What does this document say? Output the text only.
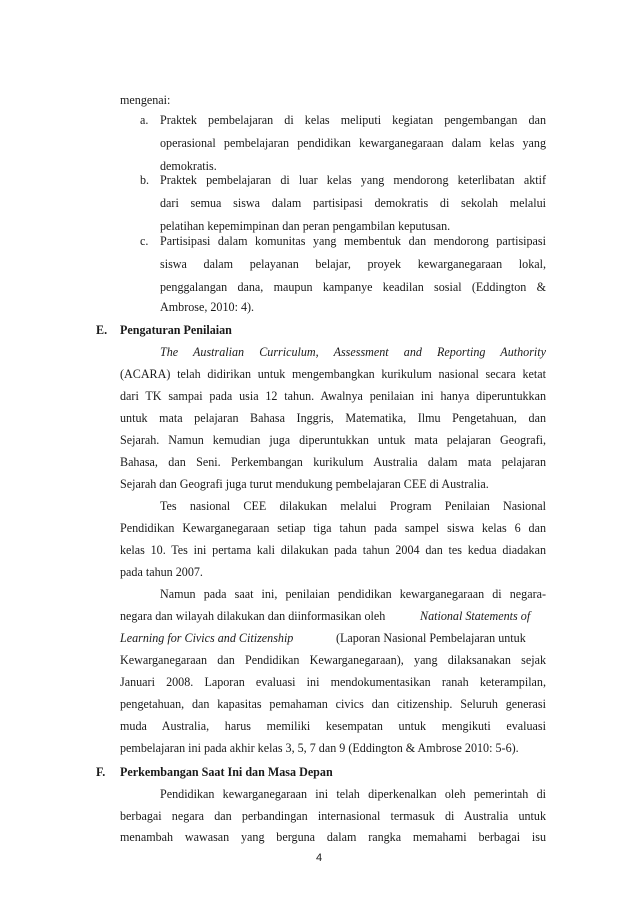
mengenai:
a. Praktek pembelajaran di kelas meliputi kegiatan pengembangan dan
operasional pembelajaran pendidikan kewarganegaraan dalam kelas yang
demokratis.
b. Praktek pembelajaran di luar kelas yang mendorong keterlibatan aktif
dari semua siswa dalam partisipasi demokratis di sekolah melalui
pelatihan kepemimpinan dan peran pengambilan keputusan.
c. Partisipasi dalam komunitas yang membentuk dan mendorong partisipasi
siswa dalam pelayanan belajar, proyek kewarganegaraan lokal,
penggalangan dana, maupun kampanye keadilan sosial (Eddington &
Ambrose, 2010: 4).
E. Pengaturan Penilaian
The Australian Curriculum, Assessment and Reporting Authority
(ACARA) telah didirikan untuk mengembangkan kurikulum nasional secara ketat
dari TK sampai pada usia 12 tahun. Awalnya penilaian ini hanya diperuntukkan
untuk mata pelajaran Bahasa Inggris, Matematika, Ilmu Pengetahuan, dan
Sejarah. Namun kemudian juga diperuntukkan untuk mata pelajaran Geografi,
Bahasa, dan Seni. Perkembangan kurikulum Australia dalam mata pelajaran
Sejarah dan Geografi juga turut mendukung pembelajaran CEE di Australia.
Tes nasional CEE dilakukan melalui Program Penilaian Nasional
Pendidikan Kewarganegaraan setiap tiga tahun pada sampel siswa kelas 6 dan
kelas 10. Tes ini pertama kali dilakukan pada tahun 2004 dan tes kedua diadakan
pada tahun 2007.
Namun pada saat ini, penilaian pendidikan kewarganegaraan di negara-
negara dan wilayah dilakukan dan diinformasikan oleh	National Statements of
Learning for Civics and Citizenship	(Laporan Nasional Pembelajaran untuk
Kewarganegaraan dan Pendidikan Kewarganegaraan), yang dilaksanakan sejak
Januari 2008. Laporan evaluasi ini mendokumentasikan ranah keterampilan,
pengetahuan, dan kapasitas pemahaman civics dan citizenship. Seluruh generasi
muda Australia, harus memiliki kesempatan untuk mengikuti evaluasi
pembelajaran ini pada akhir kelas 3, 5, 7 dan 9 (Eddington & Ambrose 2010: 5-6).
F. Perkembangan Saat Ini dan Masa Depan
Pendidikan kewarganegaraan ini telah diperkenalkan oleh pemerintah di
berbagai negara dan perbandingan internasional termasuk di Australia untuk
menambah wawasan yang berguna dalam rangka memahami berbagai isu
4
